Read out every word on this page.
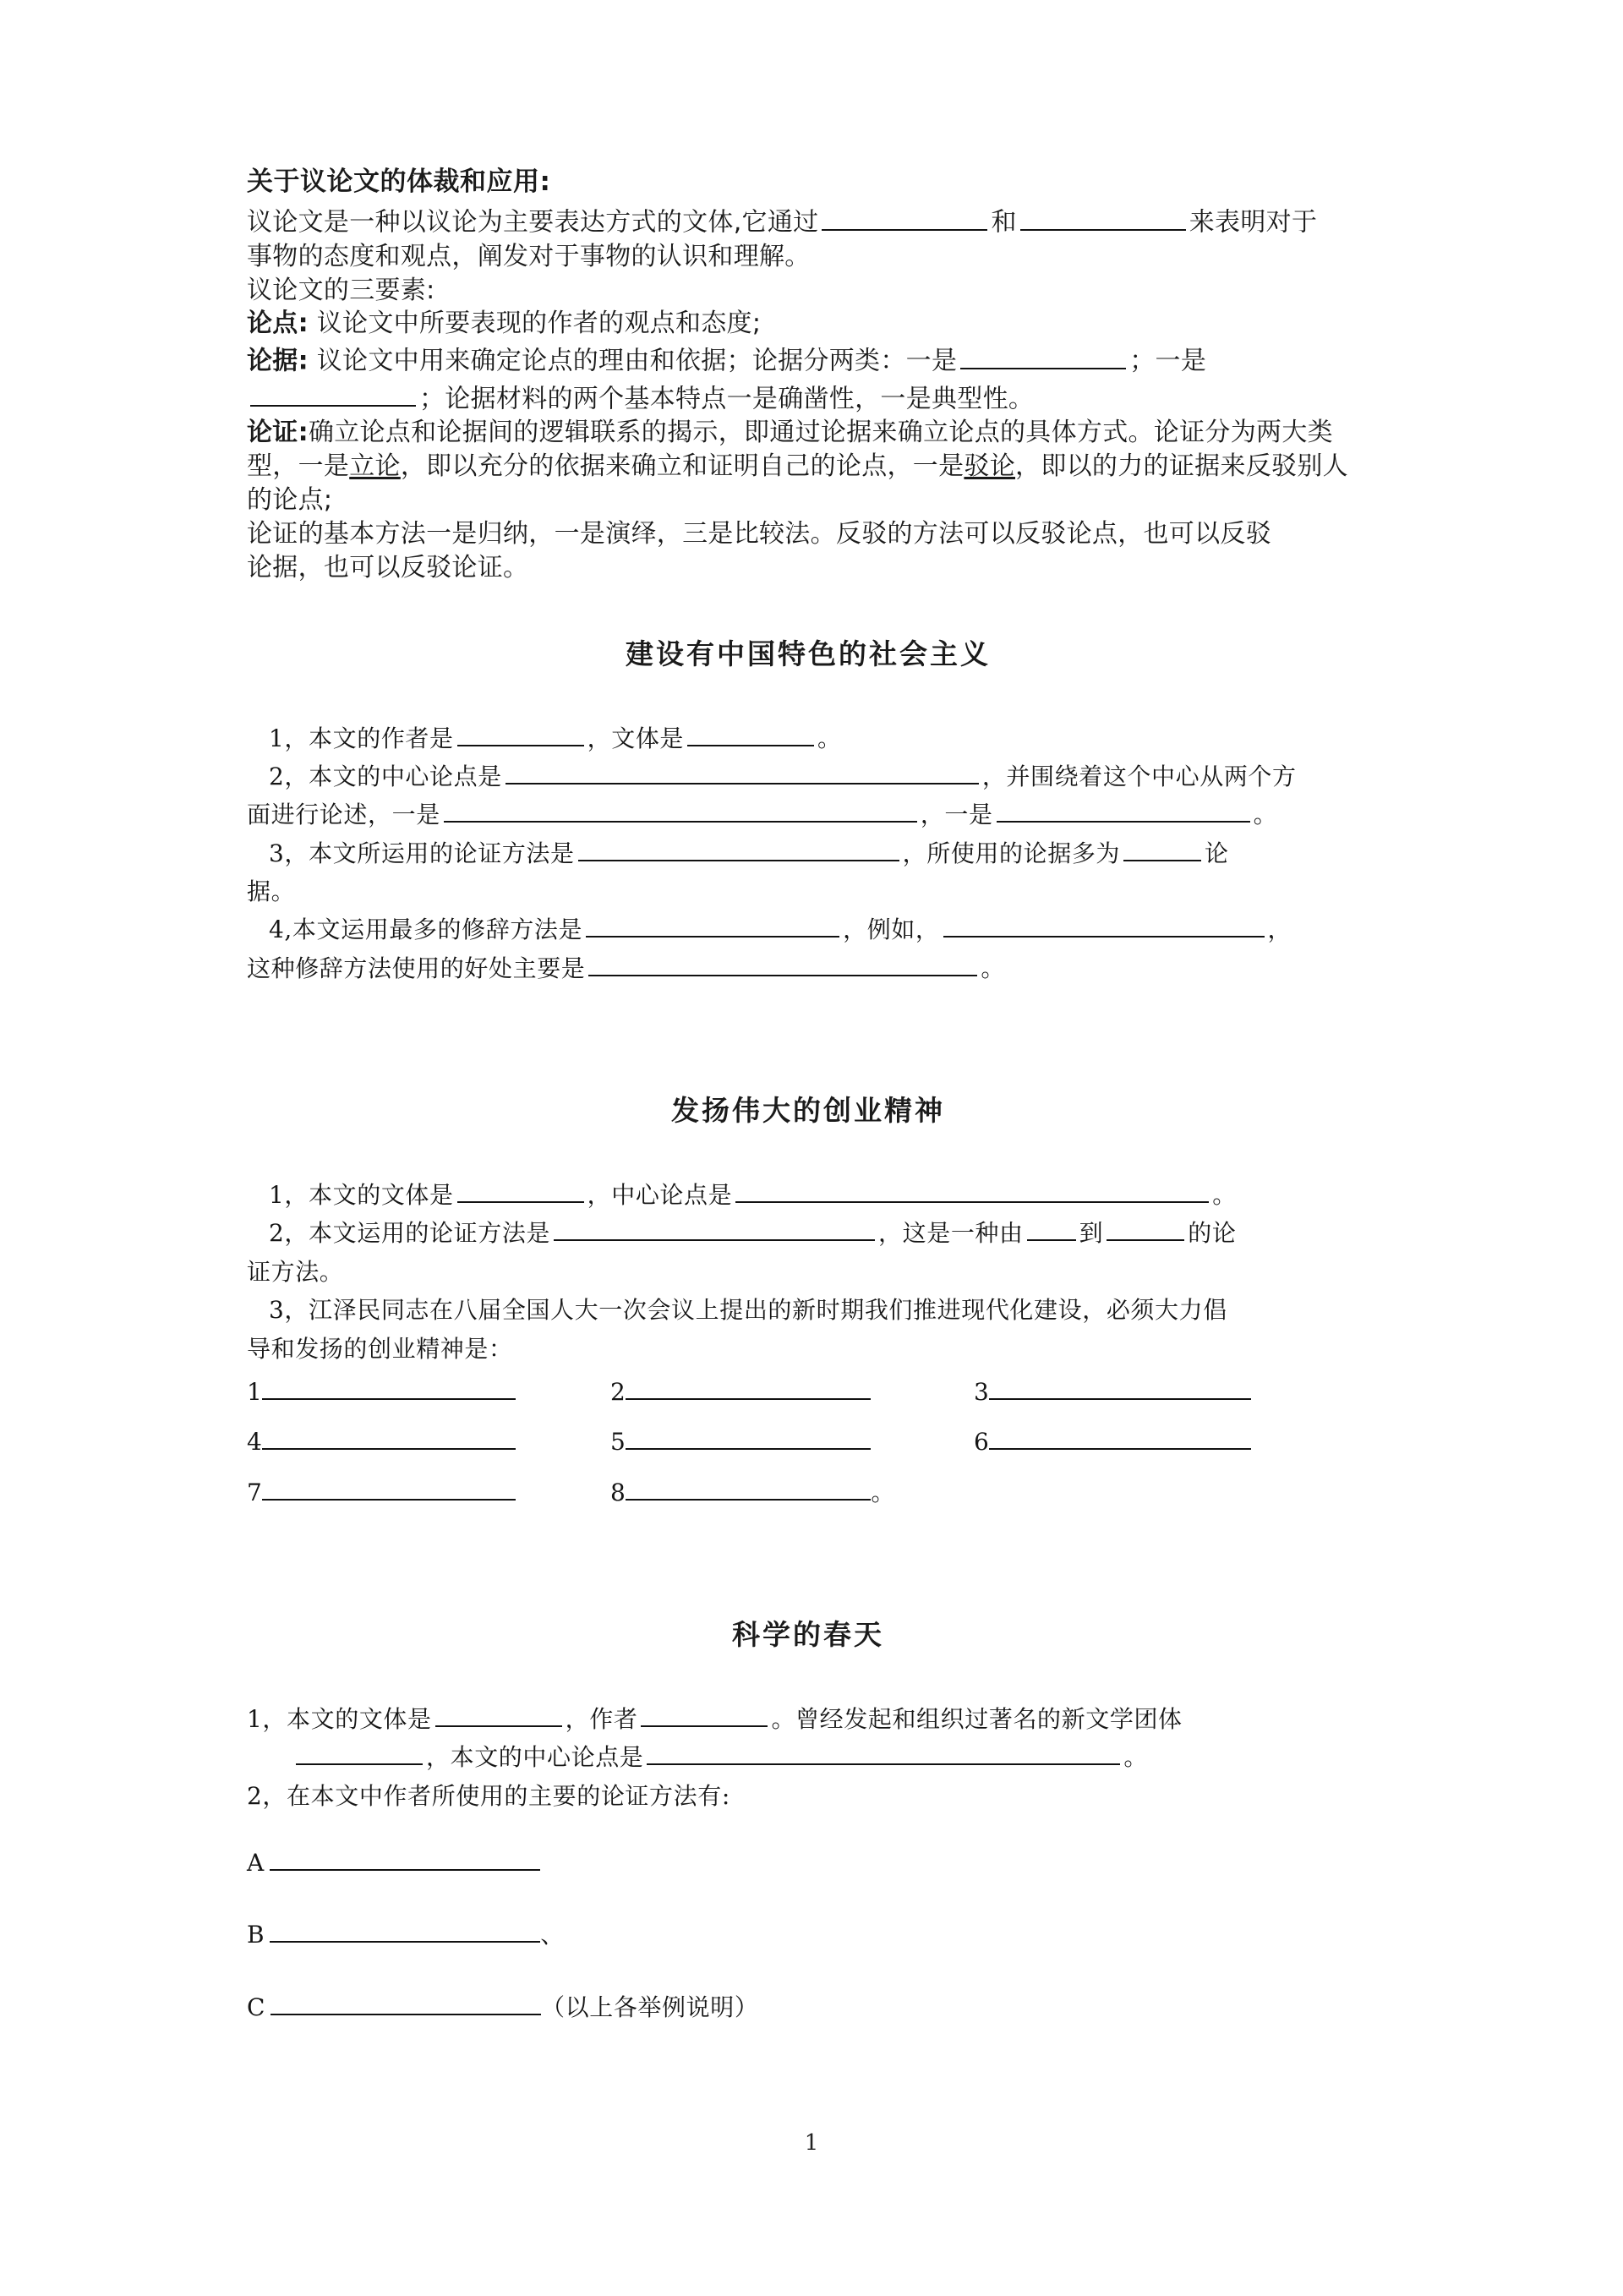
关于议论文的体裁和应用:

议论文是一种以议论为主要表达方式的文体,它通过	和	来表明对于

事物的态度和观点，阐发对于事物的认识和理解。

议论文的三要素:

论点: 议论文中所要表现的作者的观点和态度;

论据: 议论文中用来确定论点的理由和依据；论据分两类：一是	；一是

；论据材料的两个基本特点一是确凿性，一是典型性。

论证:确立论点和论据间的逻辑联系的揭示，即通过论据来确立论点的具体方式。论证分为两大类型，一是立论，即以充分的依据来确立和证明自己的论点，一是驳论，即以的力的证据来反驳别人的论点;

论证的基本方法一是归纳，一是演绎，三是比较法。反驳的方法可以反驳论点，也可以反驳

论据，也可以反驳论证。

建设有中国特色的社会主义

1，本文的作者是	，文体是	。

2，本文的中心论点是	，并围绕着这个中心从两个方

面进行论述，一是	，一是	。

3，本文所运用的论证方法是	，所使用的论据多为	论

据。

4,本文运用最多的修辞方法是	，例如，	，

这种修辞方法使用的好处主要是	。

发扬伟大的创业精神

1，本文的文体是	，中心论点是	。

2，本文运用的论证方法是	，这是一种由 到	的论

证方法。

3，江泽民同志在八届全国人大一次会议上提出的新时期我们推进现代化建设，必须大力倡

导和发扬的创业精神是：

1	2	3
4	5	6
7	8	。

科学的春天

1，本文的文体是	，作者	。曾经发起和组织过著名的新文学团体

，本文的中心论点是	。

2，在本文中作者所使用的主要的论证方法有:

A

B	、

C	（以上各举例说明）

1
